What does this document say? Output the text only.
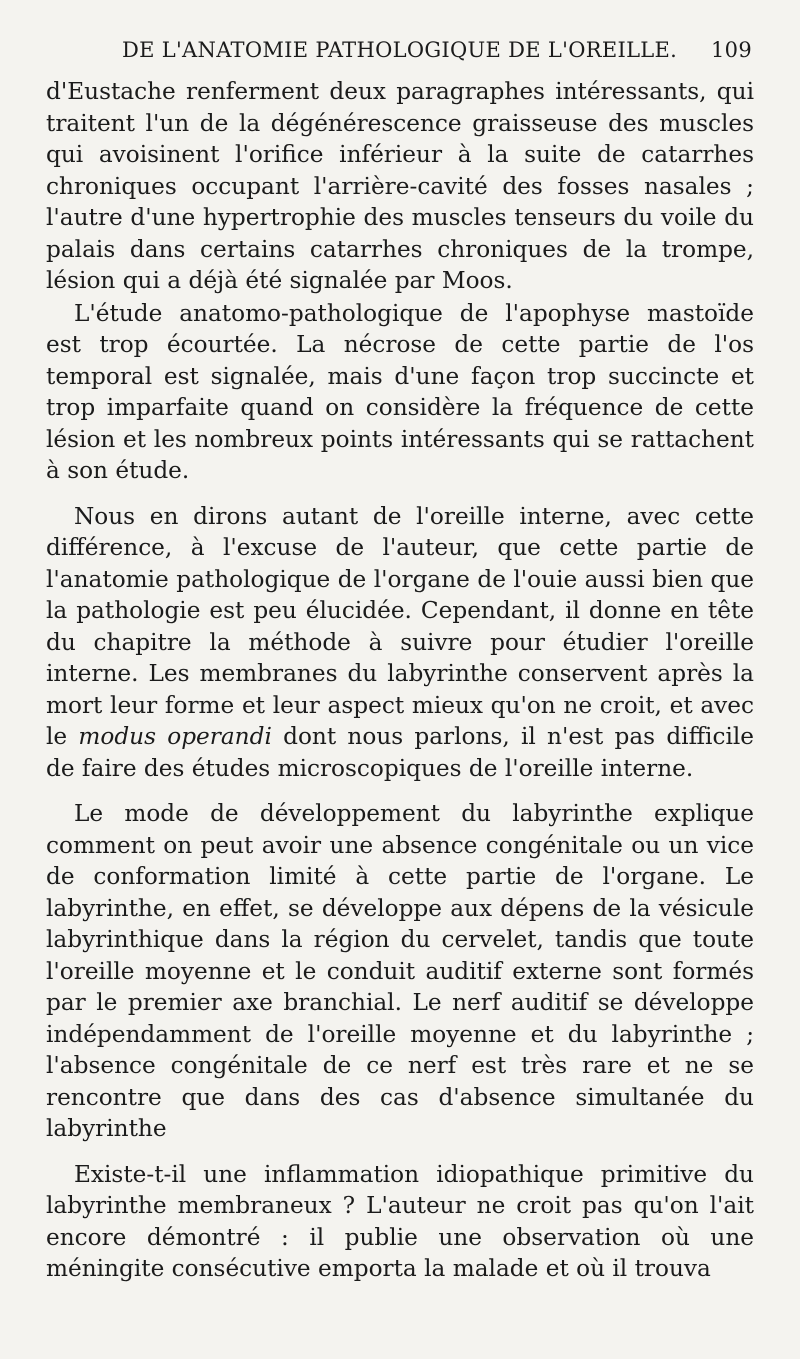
DE L'ANATOMIE PATHOLOGIQUE DE L'OREILLE. 109

d'Eustache renferment deux paragraphes intéressants, qui traitent l'un de la dégénérescence graisseuse des muscles qui avoisinent l'orifice inférieur à la suite de catarrhes chroniques occupant l'arrière-cavité des fosses nasales ; l'autre d'une hypertrophie des muscles tenseurs du voile du palais dans certains catarrhes chroniques de la trompe, lésion qui a déjà été signalée par Moos.

L'étude anatomo-pathologique de l'apophyse mastoïde est trop écourtée. La nécrose de cette partie de l'os temporal est signalée, mais d'une façon trop succincte et trop imparfaite quand on considère la fréquence de cette lésion et les nombreux points intéressants qui se rattachent à son étude.

Nous en dirons autant de l'oreille interne, avec cette différence, à l'excuse de l'auteur, que cette partie de l'anatomie pathologique de l'organe de l'ouie aussi bien que la pathologie est peu élucidée. Cependant, il donne en tête du chapitre la méthode à suivre pour étudier l'oreille interne. Les membranes du labyrinthe conservent après la mort leur forme et leur aspect mieux qu'on ne croit, et avec le modus operandi dont nous parlons, il n'est pas difficile de faire des études microscopiques de l'oreille interne.

Le mode de développement du labyrinthe explique comment on peut avoir une absence congénitale ou un vice de conformation limité à cette partie de l'organe. Le labyrinthe, en effet, se développe aux dépens de la vésicule labyrinthique dans la région du cervelet, tandis que toute l'oreille moyenne et le conduit auditif externe sont formés par le premier axe branchial. Le nerf auditif se développe indépendamment de l'oreille moyenne et du labyrinthe ; l'absence congénitale de ce nerf est très rare et ne se rencontre que dans des cas d'absence simultanée du labyrinthe

Existe-t-il une inflammation idiopathique primitive du labyrinthe membraneux ? L'auteur ne croit pas qu'on l'ait encore démontré : il publie une observation où une méningite consécutive emporta la malade et où il trouva
